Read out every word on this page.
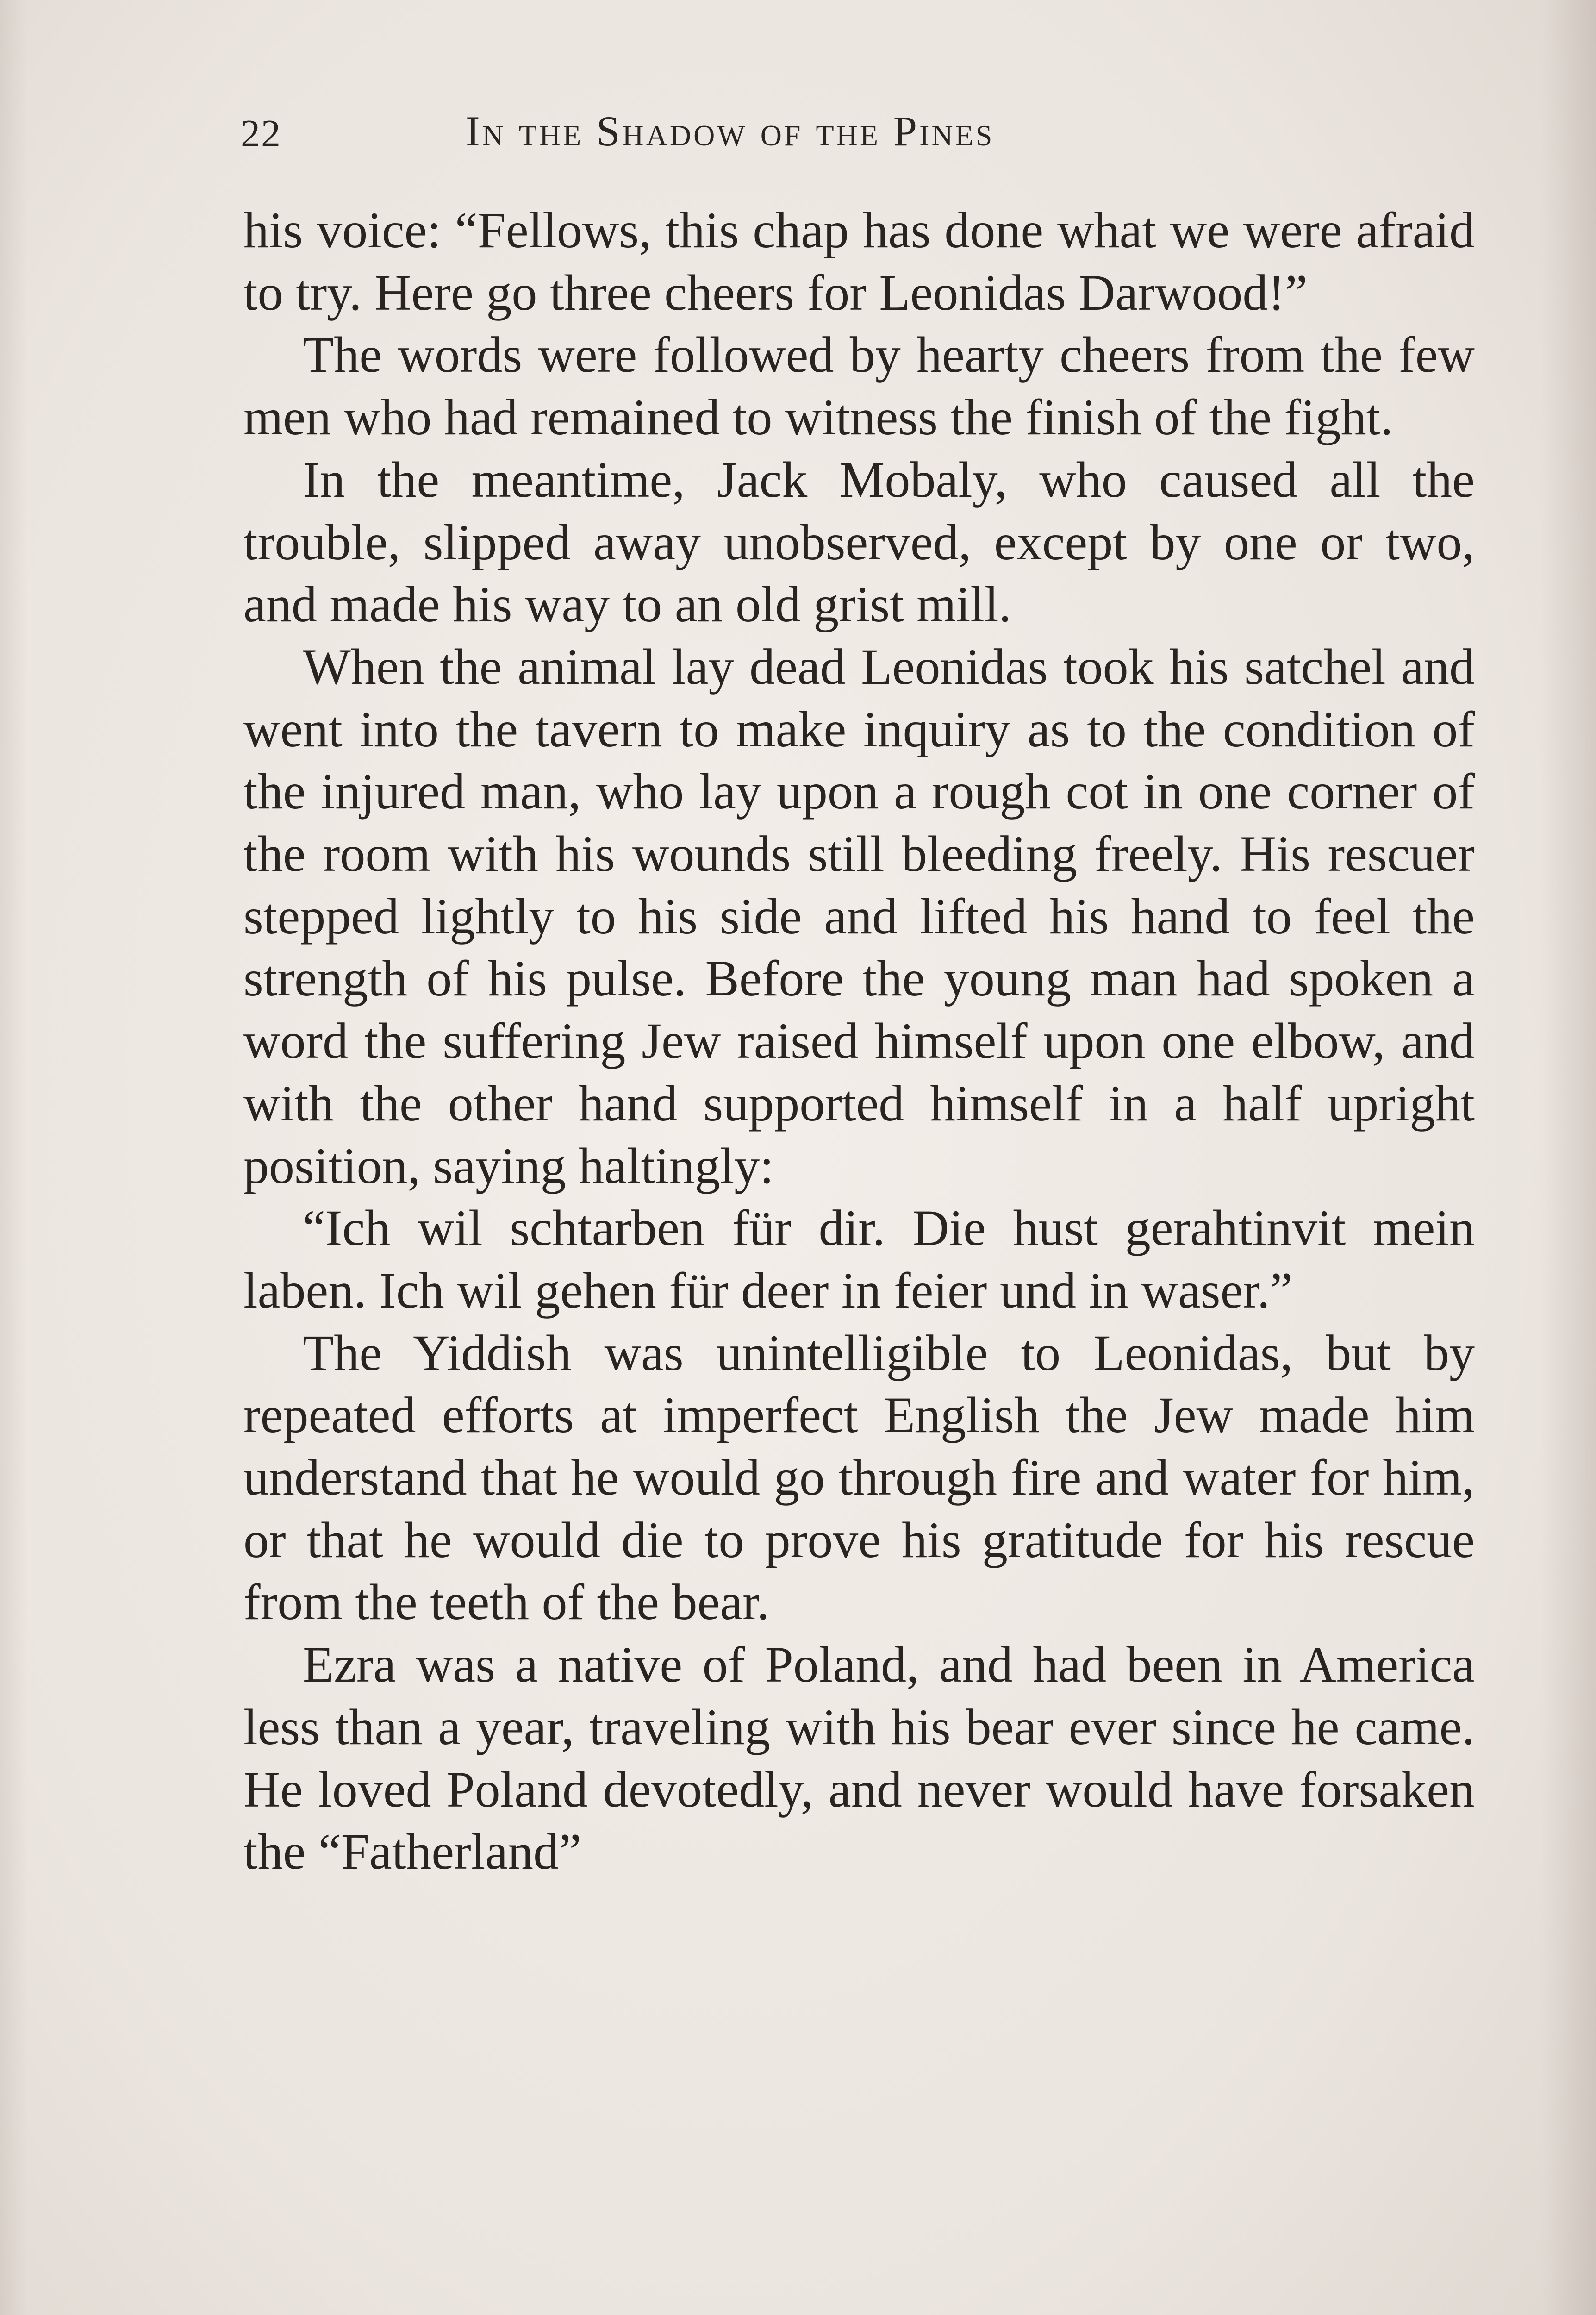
22	In the Shadow of the Pines

his voice: “Fellows, this chap has done what we were afraid to try. Here go three cheers for Leonidas Darwood!”

The words were followed by hearty cheers from the few men who had remained to witness the finish of the fight.

In the meantime, Jack Mobaly, who caused all the trouble, slipped away unobserved, except by one or two, and made his way to an old grist mill.

When the animal lay dead Leonidas took his satchel and went into the tavern to make inquiry as to the condition of the injured man, who lay upon a rough cot in one corner of the room with his wounds still bleeding freely. His rescuer stepped lightly to his side and lifted his hand to feel the strength of his pulse. Before the young man had spoken a word the suffering Jew raised himself upon one elbow, and with the other hand supported himself in a half upright position, saying haltingly:

“Ich wil schtarben für dir. Die hust gerahtinvit mein laben. Ich wil gehen für deer in feier und in waser.”

The Yiddish was unintelligible to Leonidas, but by repeated efforts at imperfect English the Jew made him understand that he would go through fire and water for him, or that he would die to prove his gratitude for his rescue from the teeth of the bear.

Ezra was a native of Poland, and had been in America less than a year, traveling with his bear ever since he came. He loved Poland devotedly, and never would have forsaken the “Fatherland”
